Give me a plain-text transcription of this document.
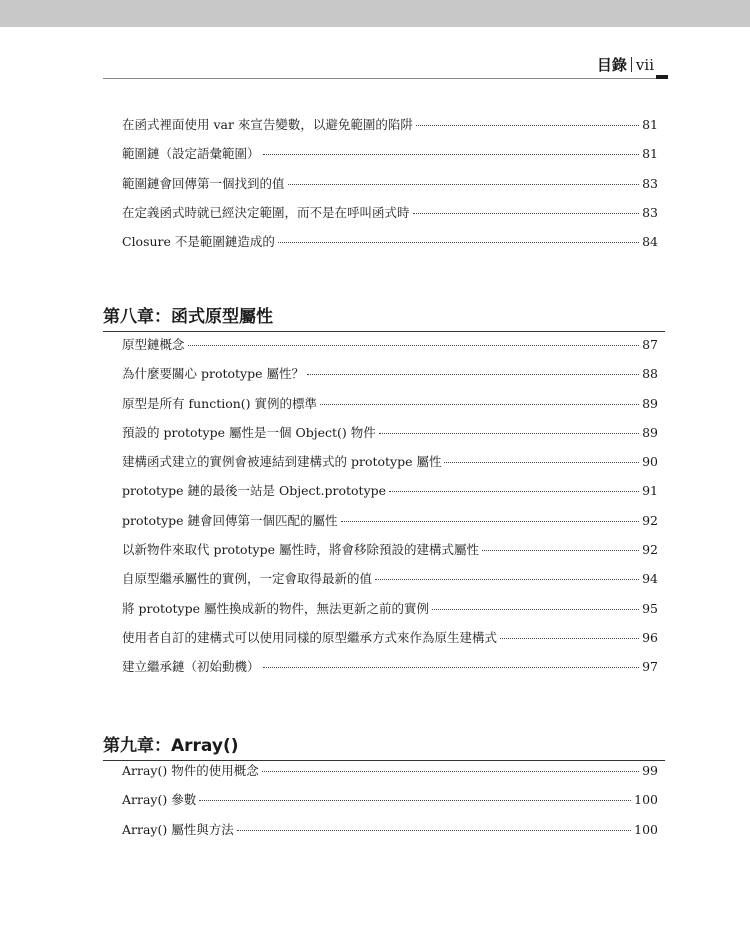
目錄 vii
在函式裡面使用 var 來宣告變數，以避免範圍的陷阱	81
範圍鏈（設定語彙範圍）	81
範圍鏈會回傳第一個找到的值	83
在定義函式時就已經決定範圍，而不是在呼叫函式時	83
Closure 不是範圍鏈造成的	84
第八章：函式原型屬性
原型鏈概念	87
為什麼要關心 prototype 屬性？	88
原型是所有 function() 實例的標準	89
預設的 prototype 屬性是一個 Object() 物件	89
建構函式建立的實例會被連結到建構式的 prototype 屬性	90
prototype 鏈的最後一站是 Object.prototype	91
prototype 鏈會回傳第一個匹配的屬性	92
以新物件來取代 prototype 屬性時，將會移除預設的建構式屬性	92
自原型繼承屬性的實例，一定會取得最新的值	94
將 prototype 屬性換成新的物件，無法更新之前的實例	95
使用者自訂的建構式可以使用同樣的原型繼承方式來作為原生建構式	96
建立繼承鏈（初始動機）	97
第九章：Array()
Array() 物件的使用概念	99
Array() 參數	100
Array() 屬性與方法	100
